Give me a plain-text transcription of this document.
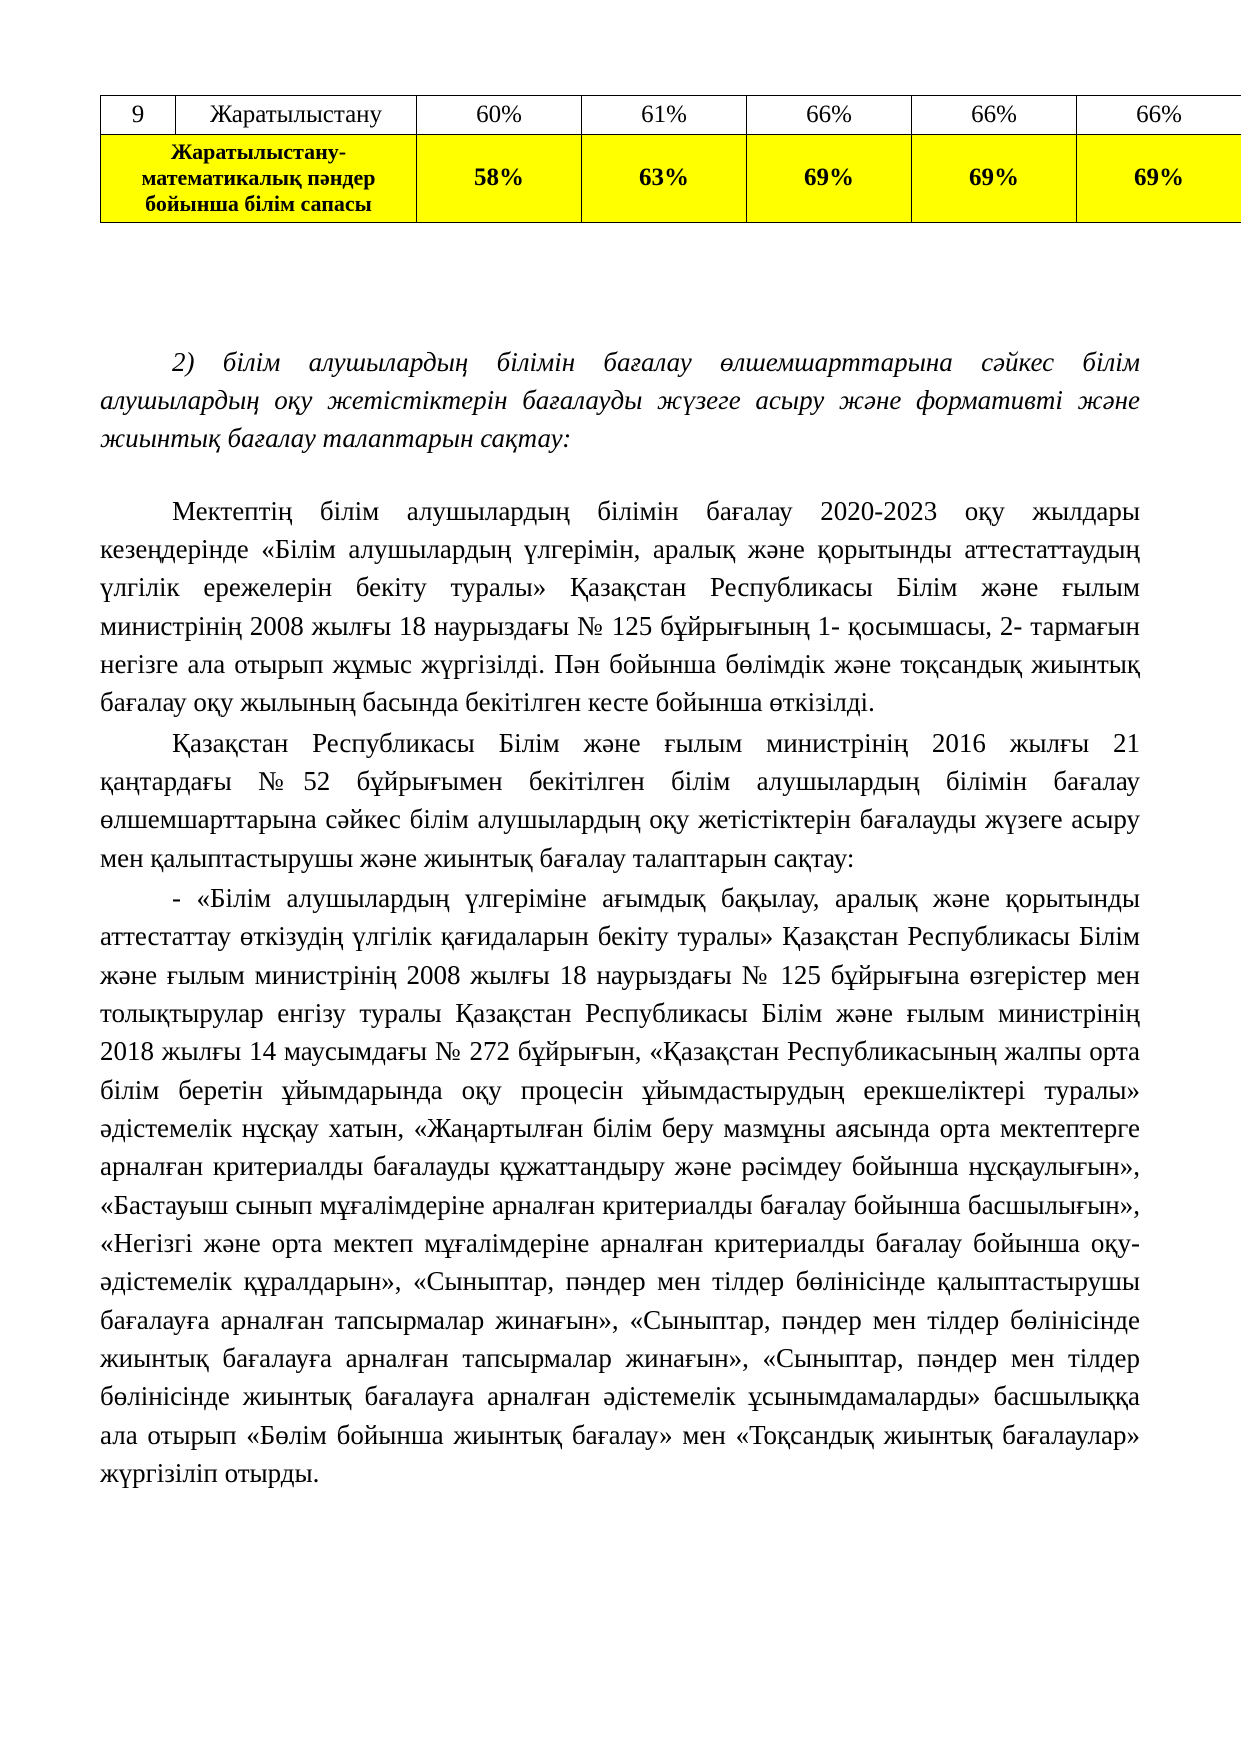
9	Жаратылыстану	60%	61%	66%	66%	66%
Жаратылыстану-математикалық пәндер бойынша білім сапасы		58%	63%	69%	69%	69%

2) білім алушылардың білімін бағалау өлшемшарттарына сәйкес білім алушылардың оқу жетістіктерін бағалауды жүзеге асыру және формативті және жиынтық бағалау талаптарын сақтау:

Мектептің білім алушылардың білімін бағалау 2020-2023 оқу жылдары кезеңдерінде «Білім алушылардың үлгерімін, аралық және қорытынды аттестаттаудың үлгілік ережелерін бекіту туралы» Қазақстан Республикасы Білім және ғылым министрінің 2008 жылғы 18 наурыздағы № 125 бұйрығының 1- қосымшасы, 2- тармағын негізге ала отырып жұмыс жүргізілді. Пән бойынша бөлімдік және тоқсандық жиынтық бағалау оқу жылының басында бекітілген кесте бойынша өткізілді.

Қазақстан Республикасы Білім және ғылым министрінің 2016 жылғы 21 қаңтардағы №52 бұйрығымен бекітілген білім алушылардың білімін бағалау өлшемшарттарына сәйкес білім алушылардың оқу жетістіктерін бағалауды жүзеге асыру мен қалыптастырушы және жиынтық бағалау талаптарын сақтау:

- «Білім алушылардың үлгеріміне ағымдық бақылау, аралық және қорытынды аттестаттау өткізудің үлгілік қағидаларын бекіту туралы» Қазақстан Республикасы Білім және ғылым министрінің 2008 жылғы 18 наурыздағы № 125 бұйрығына өзгерістер мен толықтырулар енгізу туралы Қазақстан Республикасы Білім және ғылым министрінің 2018 жылғы 14 маусымдағы № 272 бұйрығын, «Қазақстан Республикасының жалпы орта білім беретін ұйымдарында оқу процесін ұйымдастырудың ерекшеліктері туралы» әдістемелік нұсқау хатын, «Жаңартылған білім беру мазмұны аясында орта мектептерге арналған критериалды бағалауды құжаттандыру және рәсімдеу бойынша нұсқаулығын», «Бастауыш сынып мұғалімдеріне арналған критериалды бағалау бойынша басшылығын», «Негізгі және орта мектеп мұғалімдеріне арналған критериалды бағалау бойынша оқу-әдістемелік құралдарын», «Сыныптар, пәндер мен тілдер бөлінісінде қалыптастырушы бағалауға арналған тапсырмалар жинағын», «Сыныптар, пәндер мен тілдер бөлінісінде жиынтық бағалауға арналған тапсырмалар жинағын», «Сыныптар, пәндер мен тілдер бөлінісінде жиынтық бағалауға арналған әдістемелік ұсынымдамаларды» басшылыққа ала отырып «Бөлім бойынша жиынтық бағалау» мен «Тоқсандық жиынтық бағалаулар» жүргізіліп отырды.
